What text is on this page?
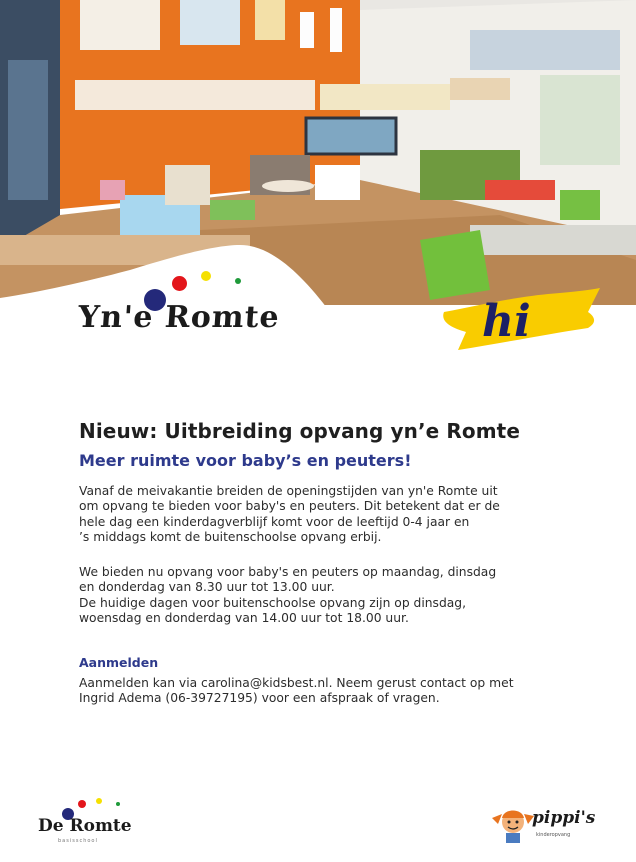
Yn'e Romte	hi
Nieuw: Uitbreiding opvang yn’e Romte
Meer ruimte voor baby’s en peuters!

Vanaf de meivakantie breiden de openingstijden van yn'e Romte uit
om opvang te bieden voor baby's en peuters. Dit betekent dat er de
hele dag een kinderdagverblijf komt voor de leeftijd 0-4 jaar en
’s middags komt de buitenschoolse opvang erbij.

We bieden nu opvang voor baby's en peuters op maandag, dinsdag
en donderdag van 8.30 uur tot 13.00 uur.
De huidige dagen voor buitenschoolse opvang zijn op dinsdag,
woensdag en donderdag van 14.00 uur tot 18.00 uur.

Aanmelden

Aanmelden kan via carolina@kidsbest.nl. Neem gerust contact op met
Ingrid Adema (06-39727195) voor een afspraak of vragen.

De Romte
basisschool
pippi's
kinderopvang
